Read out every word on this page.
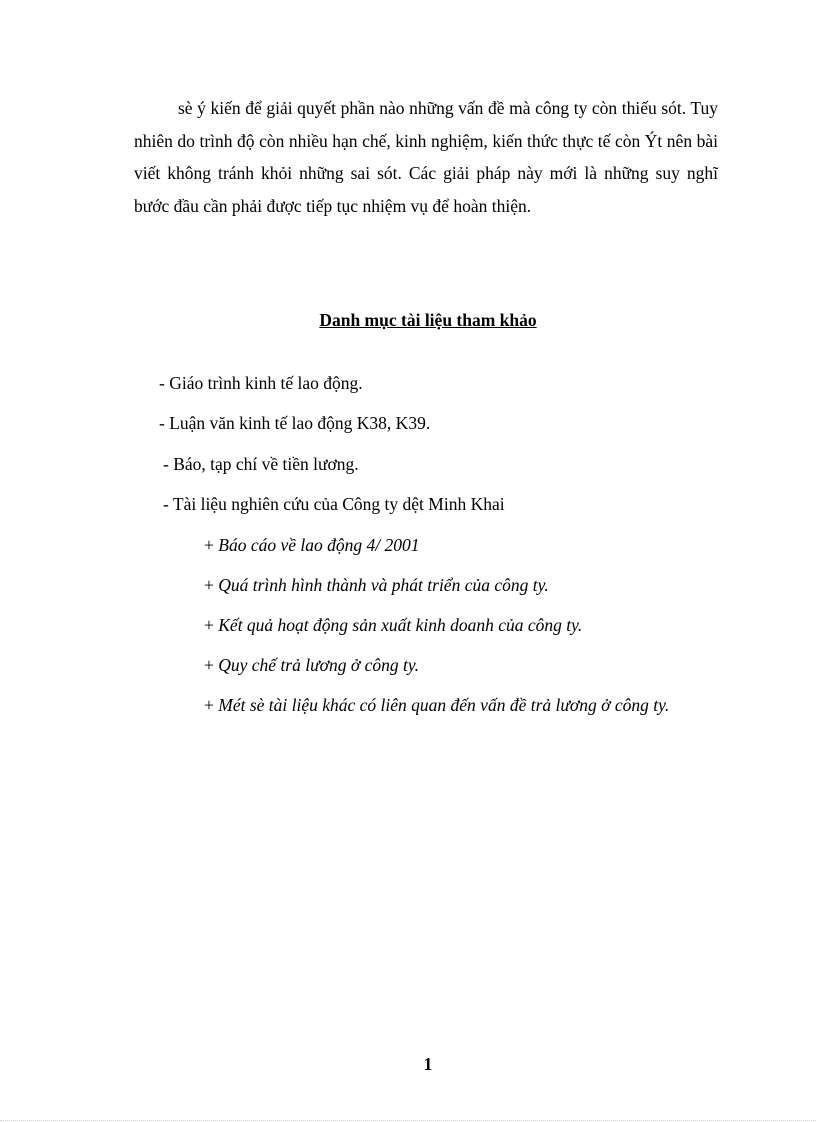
sè ý kiến để giải quyết phần nào những vấn đề mà công ty còn thiếu sót. Tuy nhiên do trình độ còn nhiều hạn chế, kinh nghiệm, kiến thức thực tế còn Ýt nên bài viết không tránh khỏi những sai sót. Các giải pháp này mới là những suy nghĩ bước đầu cần phải được tiếp tục nhiệm vụ để hoàn thiện.

Danh mục tài liệu tham khảo

- Giáo trình kinh tế lao động.

- Luận văn kinh tế lao động K38, K39.

- Báo, tạp chí về tiền lương.

- Tài liệu nghiên cứu của Công ty dệt Minh Khai

+ Báo cáo về lao động 4/ 2001

+ Quá trình hình thành và phát triển của công ty.

+ Kết quả hoạt động sản xuất kinh doanh của công ty.

+ Quy chế trả lương ở công ty.

+ Mét sè tài liệu khác có liên quan đến vấn đề trả lương ở công ty.

1
